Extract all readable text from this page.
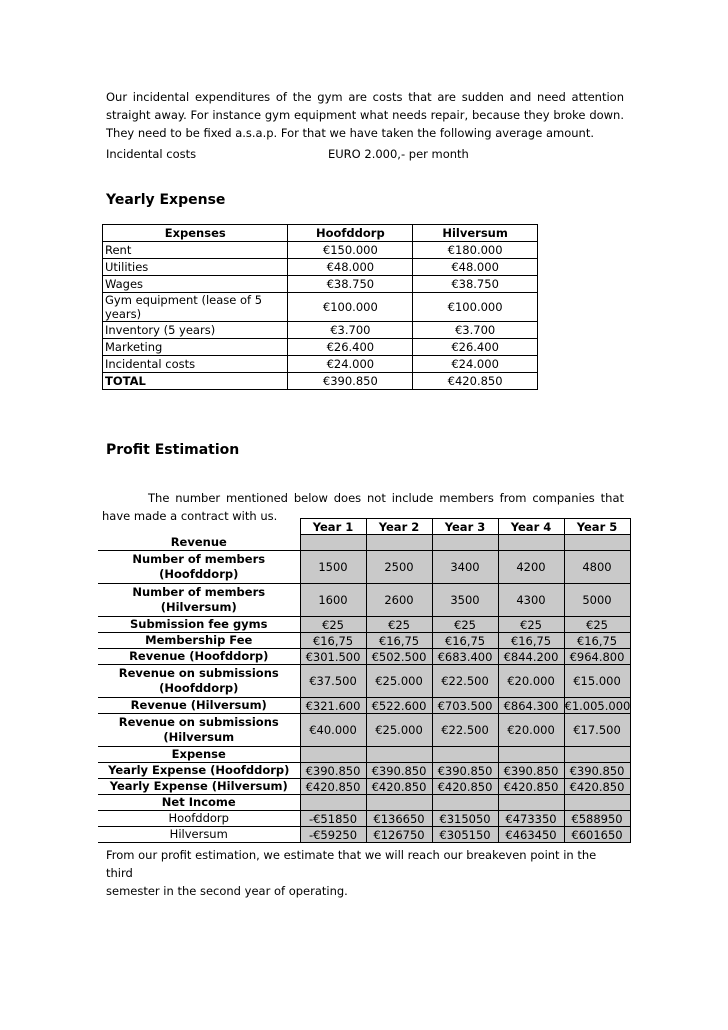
Our incidental expenditures of the gym are costs that are sudden and need attention straight away. For instance gym equipment what needs repair, because they broke down. They need to be fixed a.s.a.p. For that we have taken the following average amount.

Incidental costs	EURO 2.000,- per month
Yearly Expense
Expenses	Hoofddorp	Hilversum
Rent	€150.000	€180.000
Utilities	€48.000	€48.000
Wages	€38.750	€38.750
Gym equipment (lease of 5 years)	€100.000	€100.000
Inventory (5 years)	€3.700	€3.700
Marketing	€26.400	€26.400
Incidental costs	€24.000	€24.000
TOTAL	€390.850	€420.850
Profit Estimation

The number mentioned below does not include members from companies that have made a contract with us.

	Year 1	Year 2	Year 3	Year 4	Year 5
Revenue					
Number of members (Hoofddorp)	1500	2500	3400	4200	4800
Number of members (Hilversum)	1600	2600	3500	4300	5000
Submission fee gyms	€25	€25	€25	€25	€25
Membership Fee	€16,75	€16,75	€16,75	€16,75	€16,75
Revenue (Hoofddorp)	€301.500	€502.500	€683.400	€844.200	€964.800
Revenue on submissions (Hoofddorp)	€37.500	€25.000	€22.500	€20.000	€15.000
Revenue (Hilversum)	€321.600	€522.600	€703.500	€864.300	€1.005.000
Revenue on submissions (Hilversum	€40.000	€25.000	€22.500	€20.000	€17.500
Expense					
Yearly Expense (Hoofddorp)	€390.850	€390.850	€390.850	€390.850	€390.850
Yearly Expense (Hilversum)	€420.850	€420.850	€420.850	€420.850	€420.850
Net Income					
Hoofddorp	-€51850	€136650	€315050	€473350	€588950
Hilversum	-€59250	€126750	€305150	€463450	€601650

From our profit estimation, we estimate that we will reach our breakeven point in the third
semester in the second year of operating.
